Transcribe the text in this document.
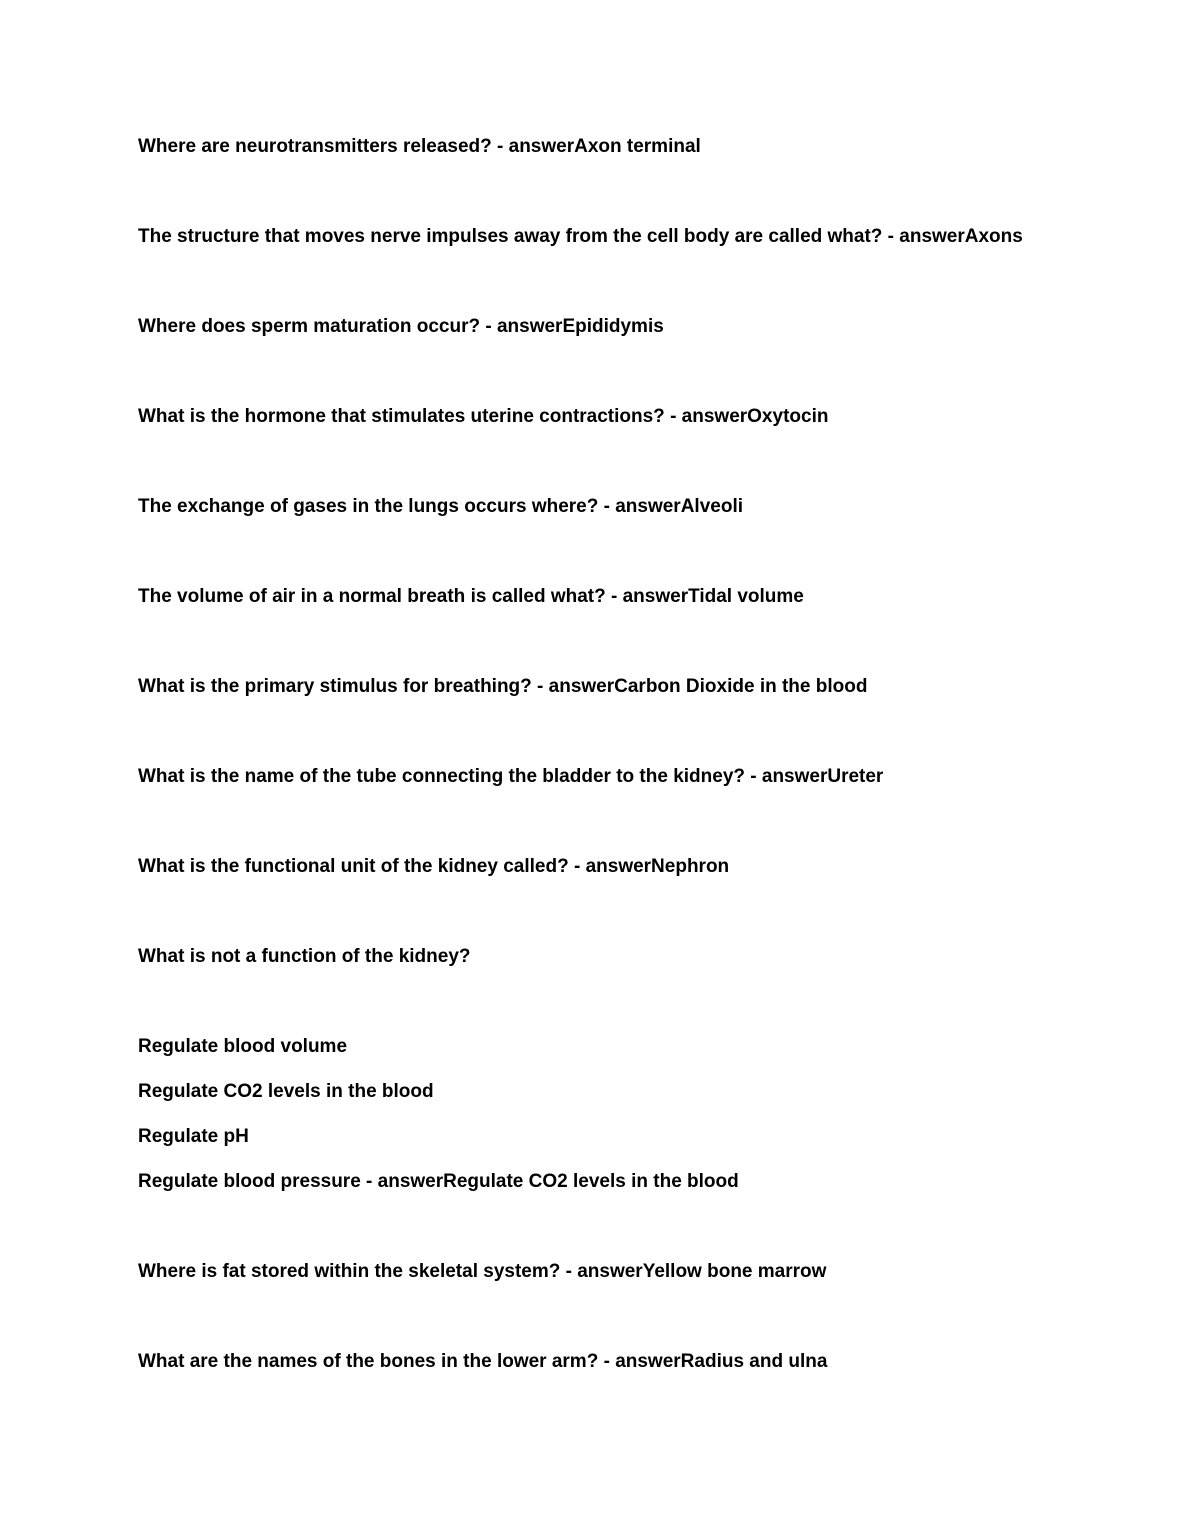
Where are neurotransmitters released? - answerAxon terminal

The structure that moves nerve impulses away from the cell body are called what? - answerAxons

Where does sperm maturation occur? - answerEpididymis

What is the hormone that stimulates uterine contractions? - answerOxytocin

The exchange of gases in the lungs occurs where? - answerAlveoli

The volume of air in a normal breath is called what? - answerTidal volume

What is the primary stimulus for breathing? - answerCarbon Dioxide in the blood

What is the name of the tube connecting the bladder to the kidney? - answerUreter

What is the functional unit of the kidney called? - answerNephron

What is not a function of the kidney?

Regulate blood volume

Regulate CO2 levels in the blood

Regulate pH

Regulate blood pressure - answerRegulate CO2 levels in the blood

Where is fat stored within the skeletal system? - answerYellow bone marrow

What are the names of the bones in the lower arm? - answerRadius and ulna
